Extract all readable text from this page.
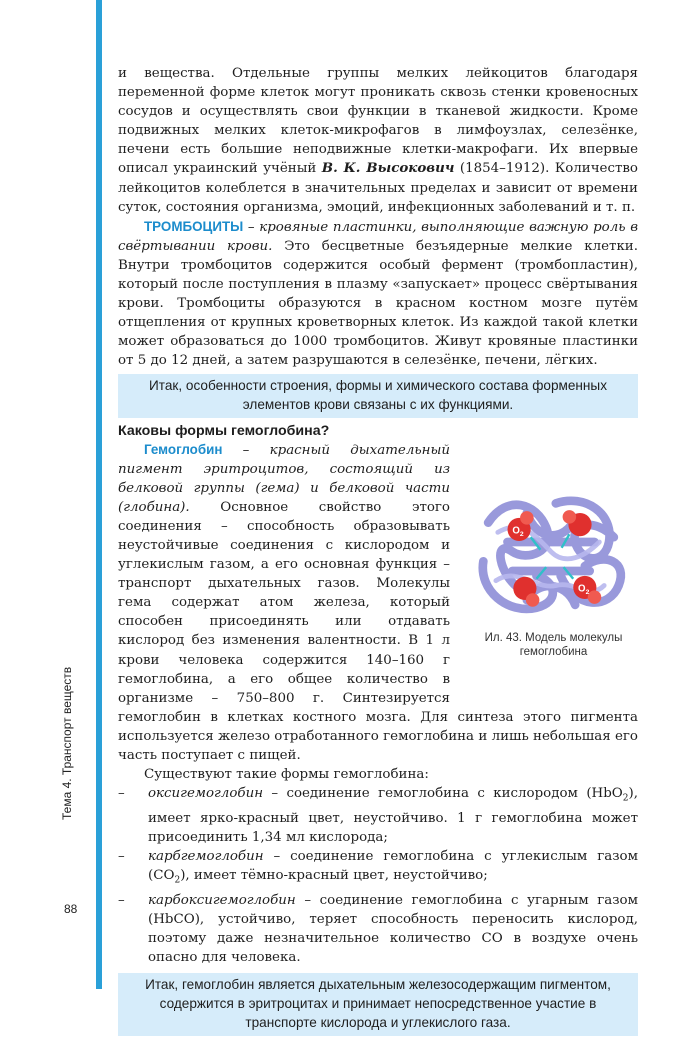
Тема 4. Транспорт веществ
88

и вещества. Отдельные группы мелких лейкоцитов благодаря переменной форме клеток могут проникать сквозь стенки кровеносных сосудов и осуществлять свои функции в тканевой жидкости. Кроме подвижных мелких клеток-микрофагов в лимфоузлах, селезёнке, печени есть большие неподвижные клетки-макрофаги. Их впервые описал украинский учёный В. К. Высокович (1854–1912). Количество лейкоцитов колеблется в значительных пределах и зависит от времени суток, состояния организма, эмоций, инфекционных заболеваний и т. п.

ТРОМБОЦИТЫ – кровяные пластинки, выполняющие важную роль в свёртывании крови. Это бесцветные безъядерные мелкие клетки. Внутри тромбоцитов содержится особый фермент (тромбопластин), который после поступления в плазму «запускает» процесс свёртывания крови. Тромбоциты образуются в красном костном мозге путём отщепления от крупных кроветворных клеток. Из каждой такой клетки может образоваться до 1000 тромбоцитов. Живут кровяные пластинки от 5 до 12 дней, а затем разрушаются в селезёнке, печени, лёгких.

Итак, особенности строения, формы и химического состава форменных элементов крови связаны с их функциями.
Каковы формы гемоглобина?

Гемоглобин – красный дыхательный пигмент эритроцитов, состоящий из белковой группы (гема) и белковой части (глобина). Основное свойство этого соединения – способность образовывать неустойчивые соединения с кислородом и углекислым газом, а его основная функция – транспорт дыхательных газов. Молекулы гема содержат атом железа, который способен присоединять или отдавать кислород без изменения валентности. В 1 л крови человека содержится 140–160 г гемоглобина, а его общее количество в организме – 750–800 г. Синтезируется гемоглобин в клетках костного мозга. Для синтеза этого пигмента используется железо отработанного гемоглобина и лишь небольшая его часть поступает с пищей.

Существуют такие формы гемоглобина:

– оксигемоглобин – соединение гемоглобина с кислородом (HbO$_2$), имеет ярко-красный цвет, неустойчиво. 1 г гемоглобина может присоединить 1,34 мл кислорода;

– карбгемоглобин – соединение гемоглобина с углекислым газом $(CO_2)$, имеет тёмно-красный цвет, неустойчиво;

– карбоксигемоглобин – соединение гемоглобина с угарным газом (HbCO), устойчиво, теряет способность переносить кислород, поэтому даже незначительное количество CO в воздухе очень опасно для человека.

Итак, гемоглобин является дыхательным железосодержащим пигментом, содержится в эритроцитах и принимает непосредственное участие в транспорте кислорода и углекислого газа.
$O_2$
$O_2$
Ил. 43. Модель молекулы гемоглобина
